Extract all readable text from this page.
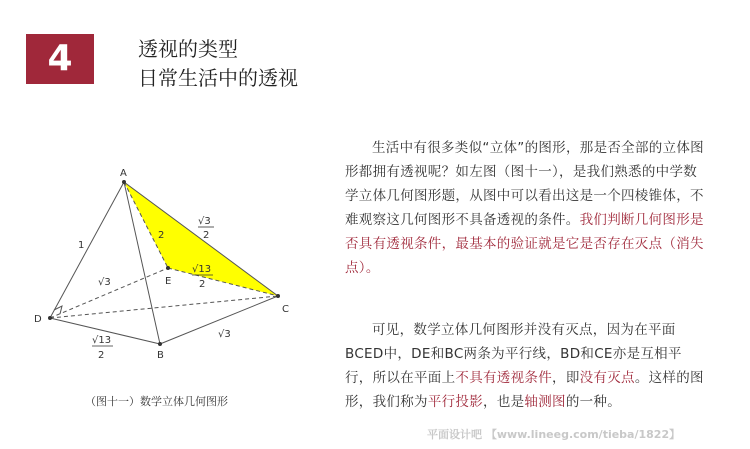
4	透视的类型
日常生活中的透视
A
E
C
D
B
1
2
√3
2
√13
2
√3
√3
√13
2
（图十一）数学立体几何图形
生活中有很多类似“立体”的图形，那是否全部的立体图形都拥有透视呢？如左图（图十一），是我们熟悉的中学数学立体几何图形题，从图中可以看出这是一个四棱锥体，不难观察这几何图形不具备透视的条件。我们判断几何图形是否具有透视条件，最基本的验证就是它是否存在灭点（消失点）。
可见，数学立体几何图形并没有灭点，因为在平面BCED中，DE和BC两条为平行线，BD和CE亦是互相平行，所以在平面上不具有透视条件，即没有灭点。这样的图形，我们称为平行投影，也是轴测图的一种。
平面设计吧 【www.lineeg.com/tieba/1822】
